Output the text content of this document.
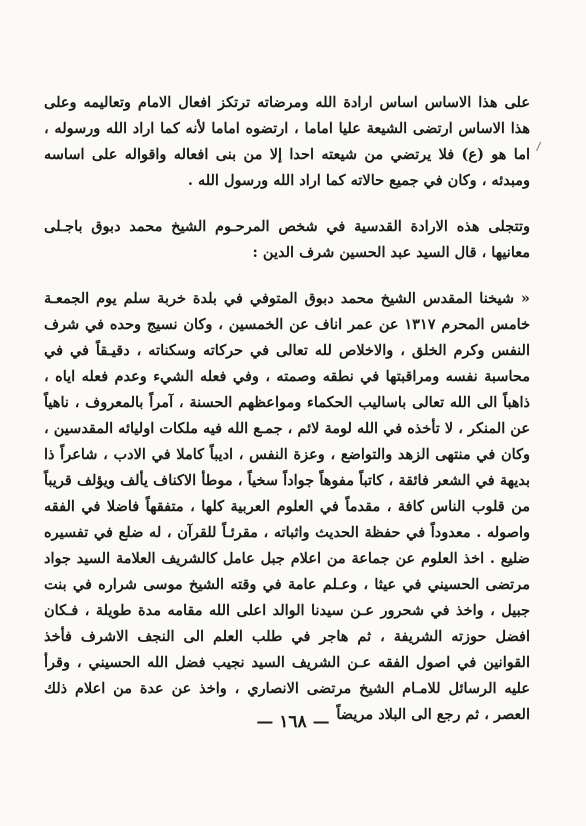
على هذا الاساس اساس ارادة الله ومرضاته ترتكز افعال الامام وتعاليمه وعلى هذا الاساس ارتضى الشيعة عليا اماما ، ارتضوه اماما لأنه كما اراد الله ورسوله ، اما هو (ع) فلا يرتضي من شيعته احدا إلا من بنى افعاله واقواله على اساسه ومبدئه ، وكان في جميع حالاته كما اراد الله ورسول الله .

وتتجلى هذه الارادة القدسية في شخص المرحـوم الشيخ محمد دبوق باجـلى معانيها ، قال السيد عبد الحسين شرف الدين :

« شيخنا المقدس الشيخ محمد دبوق المتوفي في بلدة خربة سلم يوم الجمعـة خامس المحرم ١٣١٧ عن عمر اناف عن الخمسين ، وكان نسيج وحده في شرف النفس وكرم الخلق ، والاخلاص لله تعالى في حركاته وسكناته ، دقيـقاً في في محاسبة نفسه ومراقبتها في نطقه وصمته ، وفي فعله الشيء وعدم فعله اياه ، ذاهباً الى الله تعالى باساليب الحكماء ومواعظهم الحسنة ، آمراً بالمعروف ، ناهياً عن المنكر ، لا تأخذه في الله لومة لائم ، جمـع الله فيه ملكات اوليائه المقدسين ، وكان في منتهى الزهد والتواضع ، وعزة النفس ، اديباً كاملا في الادب ، شاعراً ذا بديهة في الشعر فائقة ، كاتباً مفوهاً جواداً سخياً ، موطأ الاكناف يألف ويؤلف قريباً من قلوب الناس كافة ، مقدماً في العلوم العربية كلها ، متفقهاً فاضلا في الفقه واصوله . معدوداً في حفظة الحديث واثباته ، مقرئـاً للقرآن ، له ضلع في تفسيره ضليع . اخذ العلوم عن جماعة من اعلام جبل عامل كالشريف العلامة السيد جواد مرتضى الحسيني في عيثا ، وعـلم عامة في وقته الشيخ موسى شراره في بنت جبيل ، واخذ في شحرور عـن سيدنا الوالد اعلى الله مقامه مدة طويلة ، فـكان افضل حوزته الشريفة ، ثم هاجر في طلب العلم الى النجف الاشرف فأخذ القوانين في اصول الفقه عـن الشريف السيد نجيب فضل الله الحسيني ، وقرأ عليه الرسائل للامـام الشيخ مرتضى الانصاري ، واخذ عن عدة من اعلام ذلك العصر ، ثم رجع الى البلاد مريضاً

— ١٦٨ —
